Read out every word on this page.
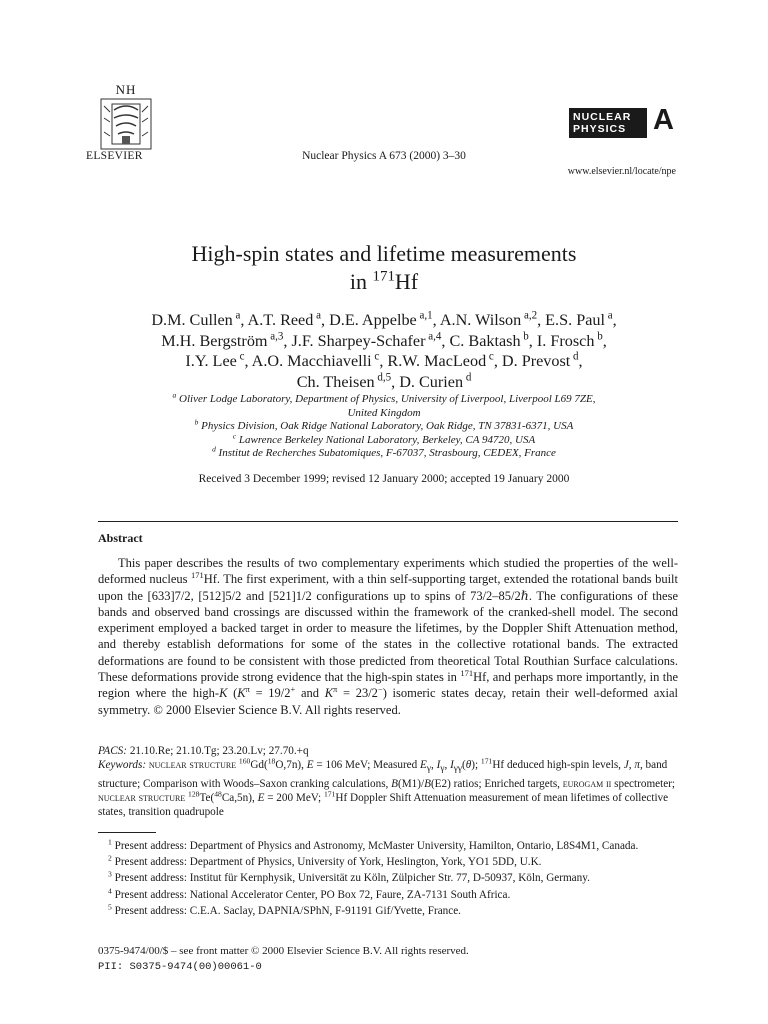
NH
ELSEVIER	Nuclear Physics A 673 (2000) 3–30
NUCLEAR
PHYSICS A
www.elsevier.nl/locate/npe
High-spin states and lifetime measurements
in $^{171}$Hf
D.M. Cullen $^a$, A.T. Reed $^a$, D.E. Appelbe $^{a,1}$, A.N. Wilson $^{a,2}$, E.S. Paul $^a$,
M.H. Bergström $^{a,3}$, J.F. Sharpey-Schafer $^{a,4}$, C. Baktash $^b$, I. Frosch $^b$,
I.Y. Lee $^c$, A.O. Macchiavelli $^c$, R.W. MacLeod $^c$, D. Prevost $^d$,
Ch. Theisen $^{d,5}$, D. Curien $^d$
$^a$ Oliver Lodge Laboratory, Department of Physics, University of Liverpool, Liverpool L69 7ZE,
United Kingdom
$^b$ Physics Division, Oak Ridge National Laboratory, Oak Ridge, TN 37831-6371, USA
$^c$ Lawrence Berkeley National Laboratory, Berkeley, CA 94720, USA
$^d$ Institut de Recherches Subatomiques, F-67037, Strasbourg, CEDEX, France
Received 3 December 1999; revised 12 January 2000; accepted 19 January 2000
Abstract

This paper describes the results of two complementary experiments which studied the properties of the well-deformed nucleus $^{171}$Hf. The first experiment, with a thin self-supporting target, extended the rotational bands built upon the [633]7/2, [512]5/2 and [521]1/2 configurations up to spins of 73/2–85/2ℏ. The configurations of these bands and observed band crossings are discussed within the framework of the cranked-shell model. The second experiment employed a backed target in order to measure the lifetimes, by the Doppler Shift Attenuation method, and thereby establish deformations for some of the states in the collective rotational bands. The extracted deformations are found to be consistent with those predicted from theoretical Total Routhian Surface calculations. These deformations provide strong evidence that the high-spin states in $^{171}$Hf, and perhaps more importantly, in the region where the high-K ($K^\pi = 19/2^+$ and $K^\pi = 23/2^-$) isomeric states decay, retain their well-deformed axial symmetry. © 2000 Elsevier Science B.V. All rights reserved.

PACS: 21.10.Re; 21.10.Tg; 23.20.Lv; 27.70.+q
Keywords: nuclear structure $^{160}$Gd($^{18}$O,7n), E = 106 MeV; Measured $E_\gamma$, $I_\gamma$, $I_{\gamma\gamma}(\theta)$; $^{171}$Hf deduced high-spin levels, J, π, band structure; Comparison with Woods–Saxon cranking calculations, B(M1)/B(E2) ratios; Enriched targets, eurogam ii spectrometer; nuclear structure $^{128}$Te($^{48}$Ca,5n), E = 200 MeV; $^{171}$Hf Doppler Shift Attenuation measurement of mean lifetimes of collective states, transition quadrupole

$^1$ Present address: Department of Physics and Astronomy, McMaster University, Hamilton, Ontario, L8S4M1, Canada.
$^2$ Present address: Department of Physics, University of York, Heslington, York, YO1 5DD, U.K.
$^3$ Present address: Institut für Kernphysik, Universität zu Köln, Zülpicher Str. 77, D-50937, Köln, Germany.
$^4$ Present address: National Accelerator Center, PO Box 72, Faure, ZA-7131 South Africa.
$^5$ Present address: C.E.A. Saclay, DAPNIA/SPhN, F-91191 Gif/Yvette, France.
0375-9474/00/$ – see front matter © 2000 Elsevier Science B.V. All rights reserved.
PII: S0375-9474(00)00061-0
